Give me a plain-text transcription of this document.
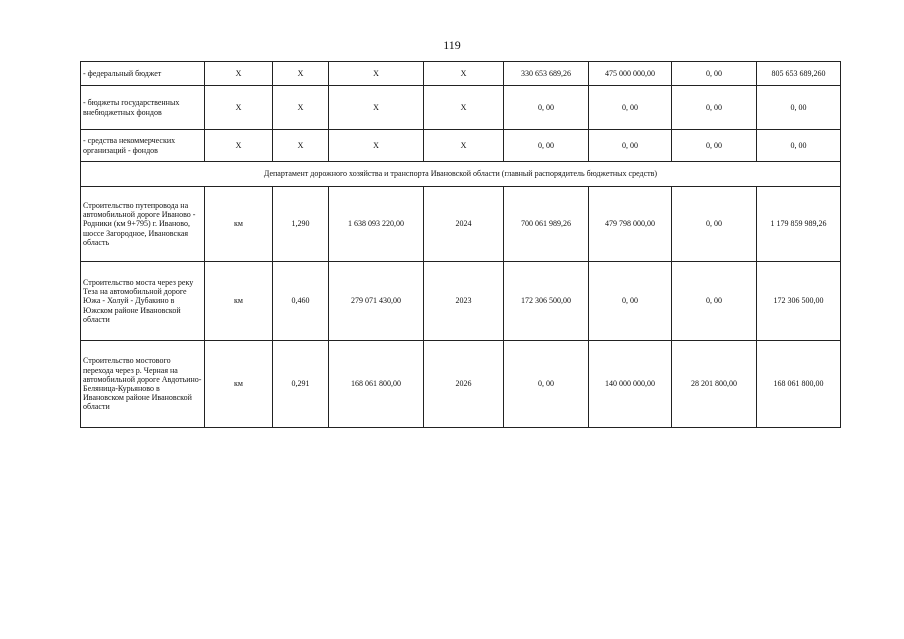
119
- федеральный бюджет	X	X	X	X	330 653 689,26	475 000 000,00	0, 00	805 653 689,260
- бюджеты государственных внебюджетных фондов	X	X	X	X	0, 00	0, 00	0, 00	0, 00
- средства некоммерческих организаций - фондов	X	X	X	X	0, 00	0, 00	0, 00	0, 00
Департамент дорожного хозяйства и транспорта Ивановской области (главный распорядитель бюджетных средств)								
Строительство путепровода на автомобильной дороге Иваново - Родники (км 9+795) г. Иваново, шоссе Загородное, Ивановская область	км	1,290	1 638 093 220,00	2024	700 061 989,26	479 798 000,00	0, 00	1 179 859 989,26
Строительство моста через реку Теза на автомобильной дороге Южа - Холуй - Дубакино в Южском районе Ивановской области	км	0,460	279 071 430,00	2023	172 306 500,00	0, 00	0, 00	172 306 500,00
Строительство мостового перехода через р. Черная на автомобильной дороге Авдотьино-Беляница-Курьяново в Ивановском районе Ивановской области	км	0,291	168 061 800,00	2026	0, 00	140 000 000,00	28 201 800,00	168 061 800,00
